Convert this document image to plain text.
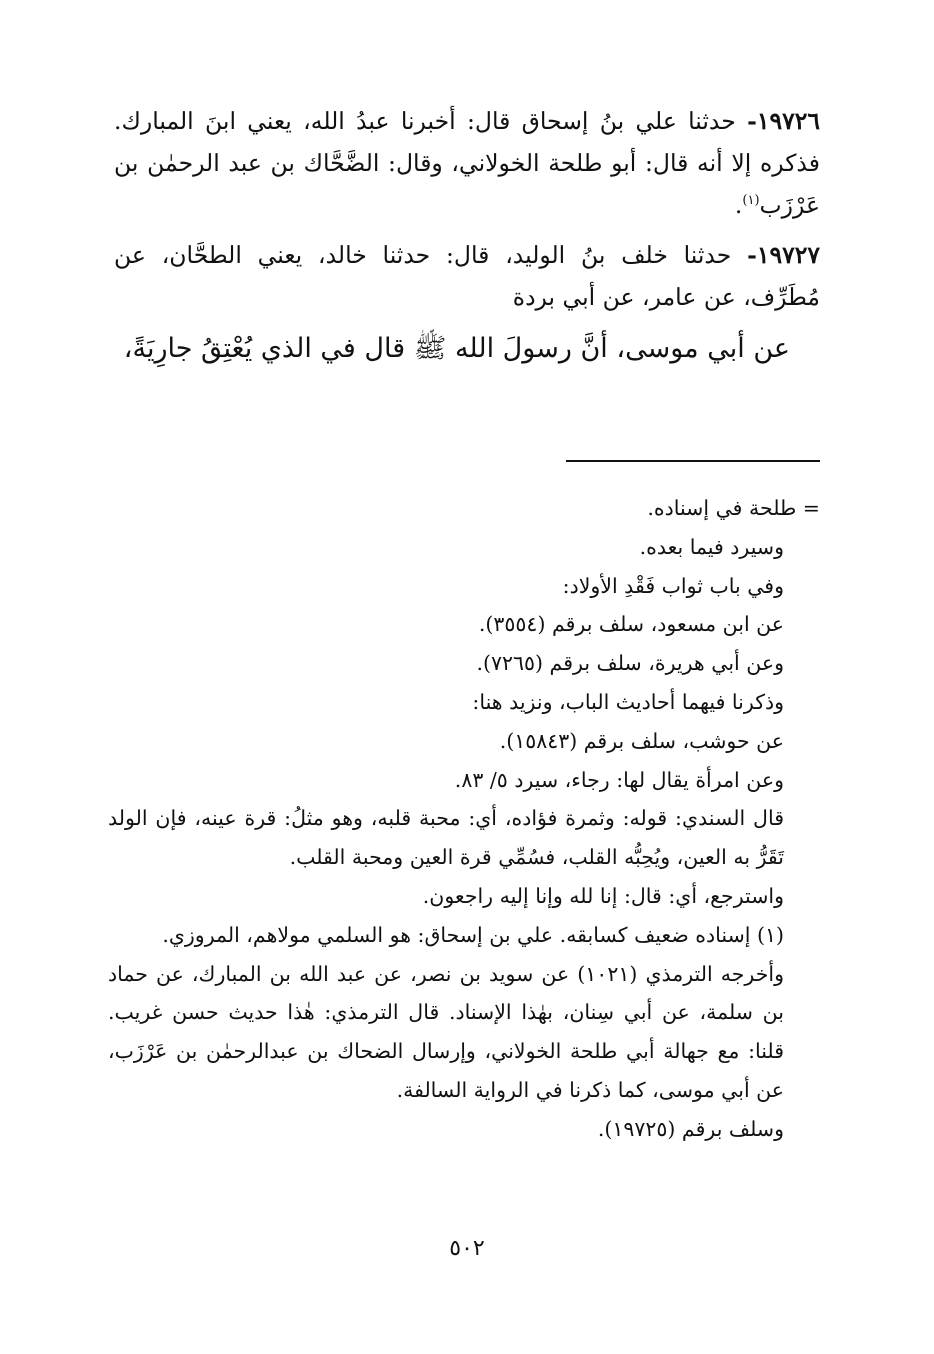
١٩٧٢٦- حدثنا علي بنُ إسحاق قال: أخبرنا عبدُ الله، يعني ابنَ المبارك. فذكره إلا أنه قال: أبو طلحة الخولاني، وقال: الضَّحَّاك بن عبد الرحمٰن بن عَرْزَب$^{(١)}$.

١٩٧٢٧- حدثنا خلف بنُ الوليد، قال: حدثنا خالد، يعني الطحَّان، عن مُطَرِّف، عن عامر، عن أبي بردة

عن أبي موسى، أنَّ رسولَ الله ﷺ قال في الذي يُعْتِقُ جارِيَةً،

= طلحة في إسناده.

وسيرد فيما بعده.

وفي باب ثواب فَقْدِ الأولاد:

عن ابن مسعود، سلف برقم (٣٥٥٤).

وعن أبي هريرة، سلف برقم (٧٢٦٥).

وذكرنا فيهما أحاديث الباب، ونزيد هنا:

عن حوشب، سلف برقم (١٥٨٤٣).

وعن امرأة يقال لها: رجاء، سيرد ٥/ ٨٣.

قال السندي: قوله: وثمرة فؤاده، أي: محبة قلبه، وهو مثلُ: قرة عينه، فإن الولد تَقَرُّ به العين، ويُحِبُّه القلب، فسُمِّي قرة العين ومحبة القلب.

واسترجع، أي: قال: إنا لله وإنا إليه راجعون.

(١) إسناده ضعيف كسابقه. علي بن إسحاق: هو السلمي مولاهم، المروزي.

وأخرجه الترمذي (١٠٢١) عن سويد بن نصر، عن عبد الله بن المبارك، عن حماد بن سلمة، عن أبي سِنان، بهٰذا الإسناد. قال الترمذي: هٰذا حديث حسن غريب. قلنا: مع جهالة أبي طلحة الخولاني، وإرسال الضحاك بن عبدالرحمٰن بن عَرْزَب، عن أبي موسى، كما ذكرنا في الرواية السالفة.

وسلف برقم (١٩٧٢٥).

٥٠٢
